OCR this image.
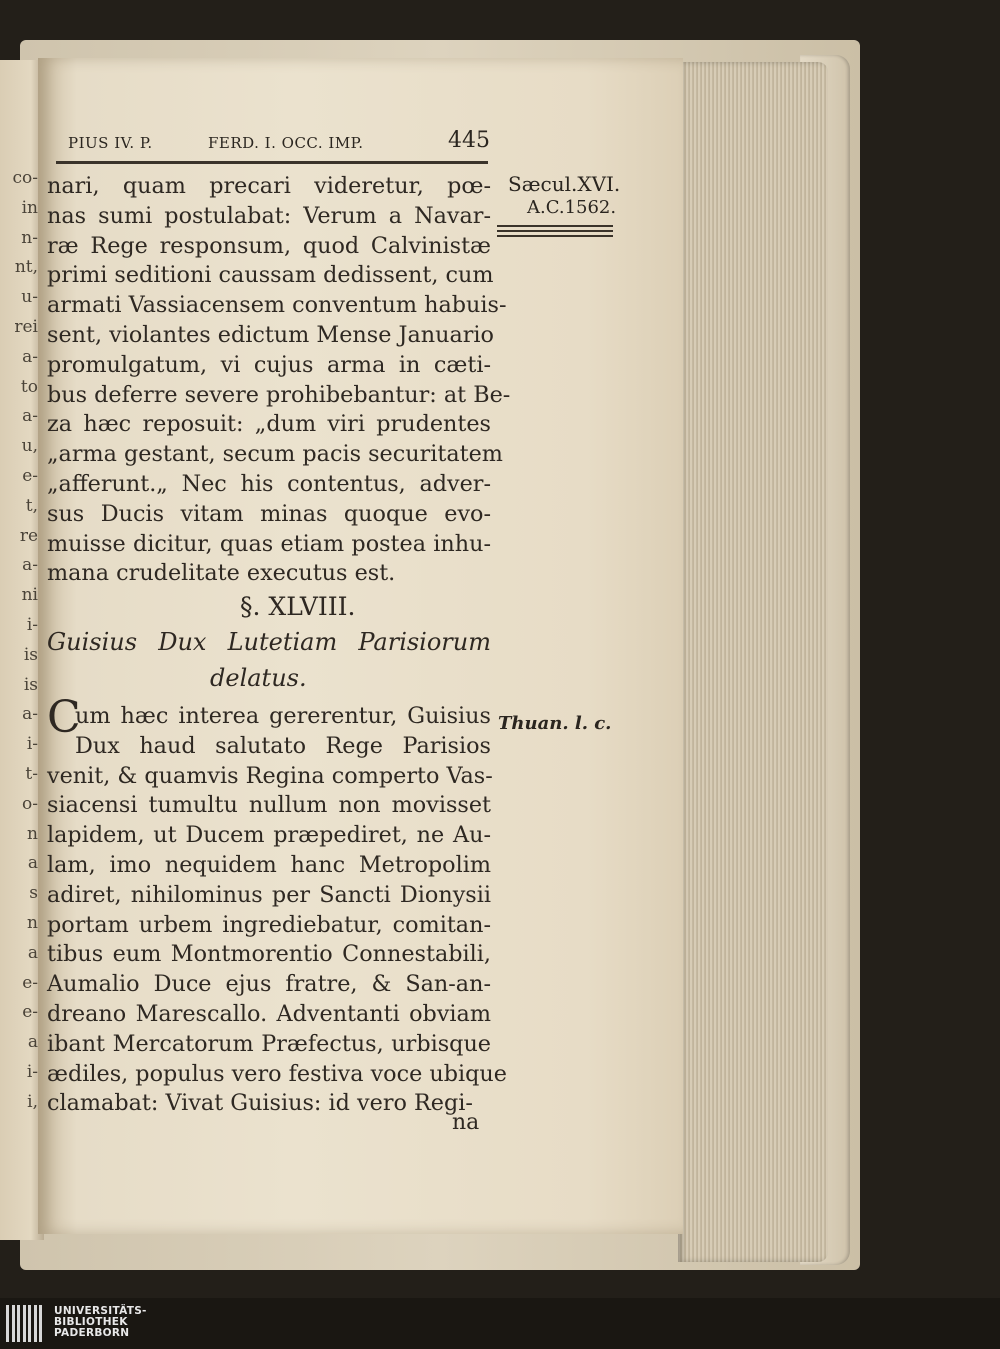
co-
in
n-
nt,
u-
rei
a-
to
a-
u,
e-
t,
re
a-
ni
i-
is
is
a-
i-
t-
o-
n
a
s
n
a
e-
e-
a
i-
i,
PIUS IV. P.	FERD. I. OCC. IMP.	445
Sæcul.XVI.
A.C.1562.
nari, quam precari videretur, pœ-
nas sumi postulabat: Verum a Navar-
ræ Rege responsum, quod Calvinistæ
primi seditioni caussam dedissent, cum
armati Vassiacensem conventum habuis-
sent, violantes edictum Mense Januario
promulgatum, vi cujus arma in cæti-
bus deferre severe prohibebantur: at Be-
za hæc reposuit: „dum viri prudentes
„arma gestant, secum pacis securitatem
„afferunt.„ Nec his contentus, adver-
sus Ducis vitam minas quoque evo-
muisse dicitur, quas etiam postea inhu-
mana crudelitate executus est.
§. XLVIII.
Guisius Dux Lutetiam Parisiorum
delatus.
Thuan. l. c.
C
um hæc interea gererentur, Guisius
Dux haud salutato Rege Parisios
venit, & quamvis Regina comperto Vas-
siacensi tumultu nullum non movisset
lapidem, ut Ducem præpediret, ne Au-
lam, imo nequidem hanc Metropolim
adiret, nihilominus per Sancti Dionysii
portam urbem ingrediebatur, comitan-
tibus eum Montmorentio Connestabili,
Aumalio Duce ejus fratre, & San-an-
dreano Marescallo. Adventanti obviam
ibant Mercatorum Præfectus, urbisque
ædiles, populus vero festiva voce ubique
clamabat: Vivat Guisius: id vero Regi-
na
UNIVERSITÄTS-
BIBLIOTHEK
PADERBORN
